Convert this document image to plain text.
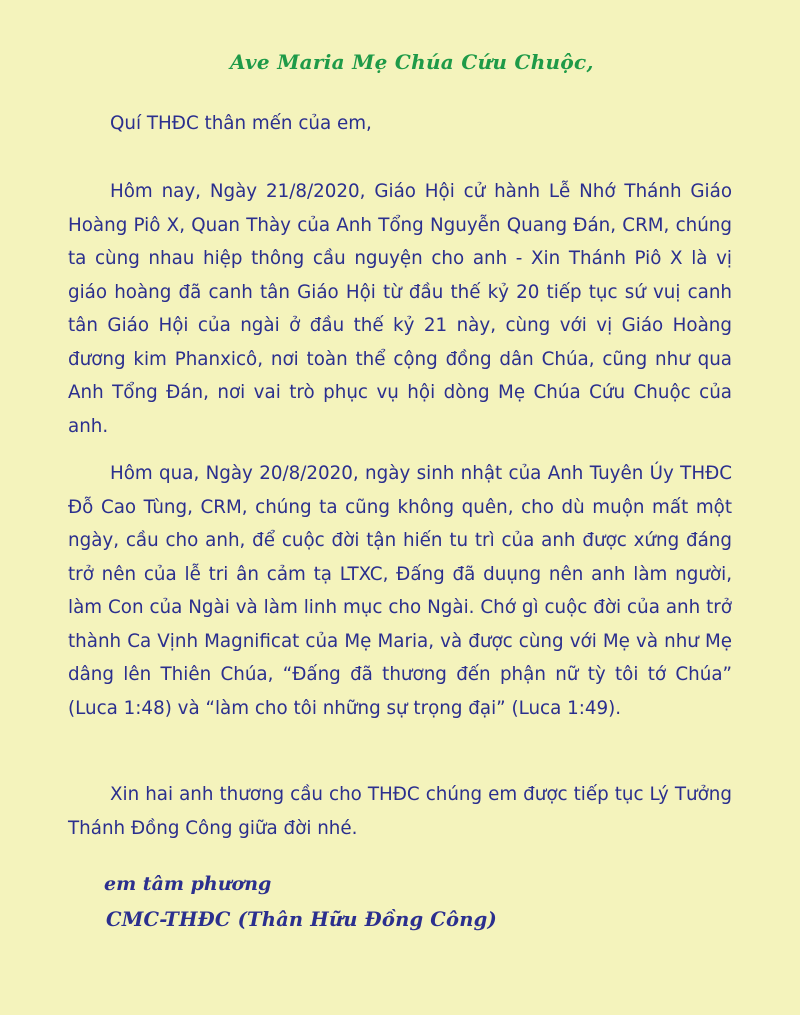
Ave Maria Mẹ Chúa Cứu Chuộc,

Quí THĐC thân mến của em,

Hôm nay, Ngày 21/8/2020, Giáo Hội cử hành Lễ Nhớ Thánh Giáo Hoàng Piô X, Quan Thày của Anh Tổng Nguyễn Quang Đán, CRM, chúng ta cùng nhau hiệp thông cầu nguyện cho anh - Xin Thánh Piô X là vị giáo hoàng đã canh tân Giáo Hội từ đầu thế kỷ 20 tiếp tục sứ vuị canh tân Giáo Hội của ngài ở đầu thế kỷ 21 này, cùng với vị Giáo Hoàng đương kim Phanxicô, nơi toàn thể cộng đồng dân Chúa, cũng như qua Anh Tổng Đán, nơi vai trò phục vụ hội dòng Mẹ Chúa Cứu Chuộc của anh.

Hôm qua, Ngày 20/8/2020, ngày sinh nhật của Anh Tuyên Úy THĐC Đỗ Cao Tùng, CRM, chúng ta cũng không quên, cho dù muộn mất một ngày, cầu cho anh, để cuộc đời tận hiến tu trì của anh được xứng đáng trở nên của lễ tri ân cảm tạ LTXC, Đấng đã duụng nên anh làm người, làm Con của Ngài và làm linh mục cho Ngài. Chớ gì cuộc đời của anh trở thành Ca Vịnh Magnificat của Mẹ Maria, và được cùng với Mẹ và như Mẹ dâng lên Thiên Chúa, “Đấng đã thương đến phận nữ tỳ tôi tớ Chúa” (Luca 1:48) và “làm cho tôi những sự trọng đại” (Luca 1:49).

Xin hai anh thương cầu cho THĐC chúng em được tiếp tục Lý Tưởng Thánh Đồng Công giữa đời nhé.

em tâm phương
CMC-THĐC (Thân Hữu Đồng Công)
